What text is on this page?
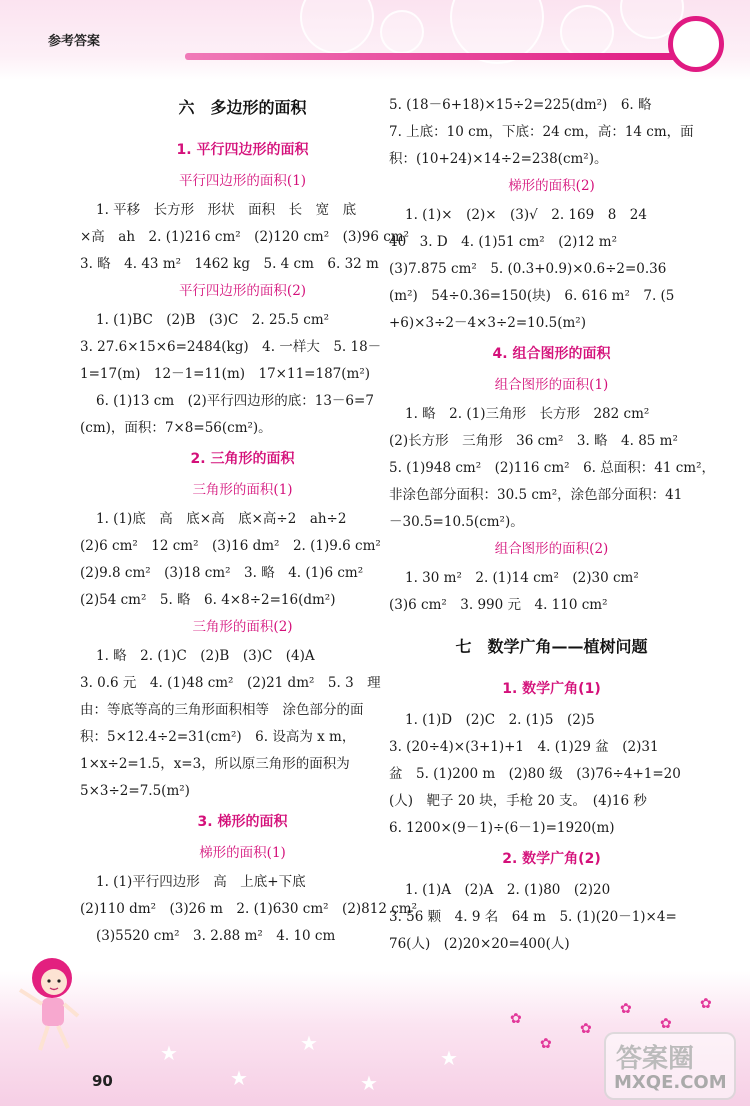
参考答案
六　多边形的面积
1. 平行四边形的面积
平行四边形的面积(1)
1. 平移　长方形　形状　面积　长　宽　底
×高　ah　2. (1)216 cm²　(2)120 cm²　(3)96 cm²
3. 略　4. 43 m²　1462 kg　5. 4 cm　6. 32 m
平行四边形的面积(2)
1. (1)BC　(2)B　(3)C　2. 25.5 cm²
3. 27.6×15×6=2484(kg)　4. 一样大　5. 18－
1=17(m)　12－1=11(m)　17×11=187(m²)
6. (1)13 cm　(2)平行四边形的底：13－6=7
(cm)，面积：7×8=56(cm²)。
2. 三角形的面积
三角形的面积(1)
1. (1)底　高　底×高　底×高÷2　ah÷2
(2)6 cm²　12 cm²　(3)16 dm²　2. (1)9.6 cm²
(2)9.8 cm²　(3)18 cm²　3. 略　4. (1)6 cm²
(2)54 cm²　5. 略　6. 4×8÷2=16(dm²)
三角形的面积(2)
1. 略　2. (1)C　(2)B　(3)C　(4)A
3. 0.6 元　4. (1)48 cm²　(2)21 dm²　5. 3　理
由：等底等高的三角形面积相等　涂色部分的面
积：5×12.4÷2=31(cm²)　6. 设高为 x m，
1×x÷2=1.5，x=3，所以原三角形的面积为
5×3÷2=7.5(m²)
3. 梯形的面积
梯形的面积(1)
1. (1)平行四边形　高　上底+下底
(2)110 dm²　(3)26 m　2. (1)630 cm²　(2)812 cm²
(3)5520 cm²　3. 2.88 m²　4. 10 cm
5. (18－6+18)×15÷2=225(dm²)　6. 略
7. 上底：10 cm，下底：24 cm，高：14 cm，面
积：(10+24)×14÷2=238(cm²)。
梯形的面积(2)
1. (1)×　(2)×　(3)√　2. 169　8　24
40　3. D　4. (1)51 cm²　(2)12 m²
(3)7.875 cm²　5. (0.3+0.9)×0.6÷2=0.36
(m²)　54÷0.36=150(块)　6. 616 m²　7. (5
+6)×3÷2－4×3÷2=10.5(m²)
4. 组合图形的面积
组合图形的面积(1)
1. 略　2. (1)三角形　长方形　282 cm²
(2)长方形　三角形　36 cm²　3. 略　4. 85 m²
5. (1)948 cm²　(2)116 cm²　6. 总面积：41 cm²，
非涂色部分面积：30.5 cm²，涂色部分面积：41
－30.5=10.5(cm²)。
组合图形的面积(2)
1. 30 m²　2. (1)14 cm²　(2)30 cm²
(3)6 cm²　3. 990 元　4. 110 cm²
七　数学广角——植树问题
1. 数学广角(1)
1. (1)D　(2)C　2. (1)5　(2)5
3. (20÷4)×(3+1)+1　4. (1)29 盆　(2)31
盆　5. (1)200 m　(2)80 级　(3)76÷4+1=20
(人)　靶子 20 块，手枪 20 支。　(4)16 秒
6. 1200×(9－1)÷(6－1)=1920(m)
2. 数学广角(2)
1. (1)A　(2)A　2. (1)80　(2)20
3. 56 颗　4. 9 名　64 m　5. (1)(20－1)×4=
76(人)　(2)20×20=400(人)
★
★
★
★
★
✿
✿
✿
✿
✿
✿
90
答案圈
MXQE.COM
